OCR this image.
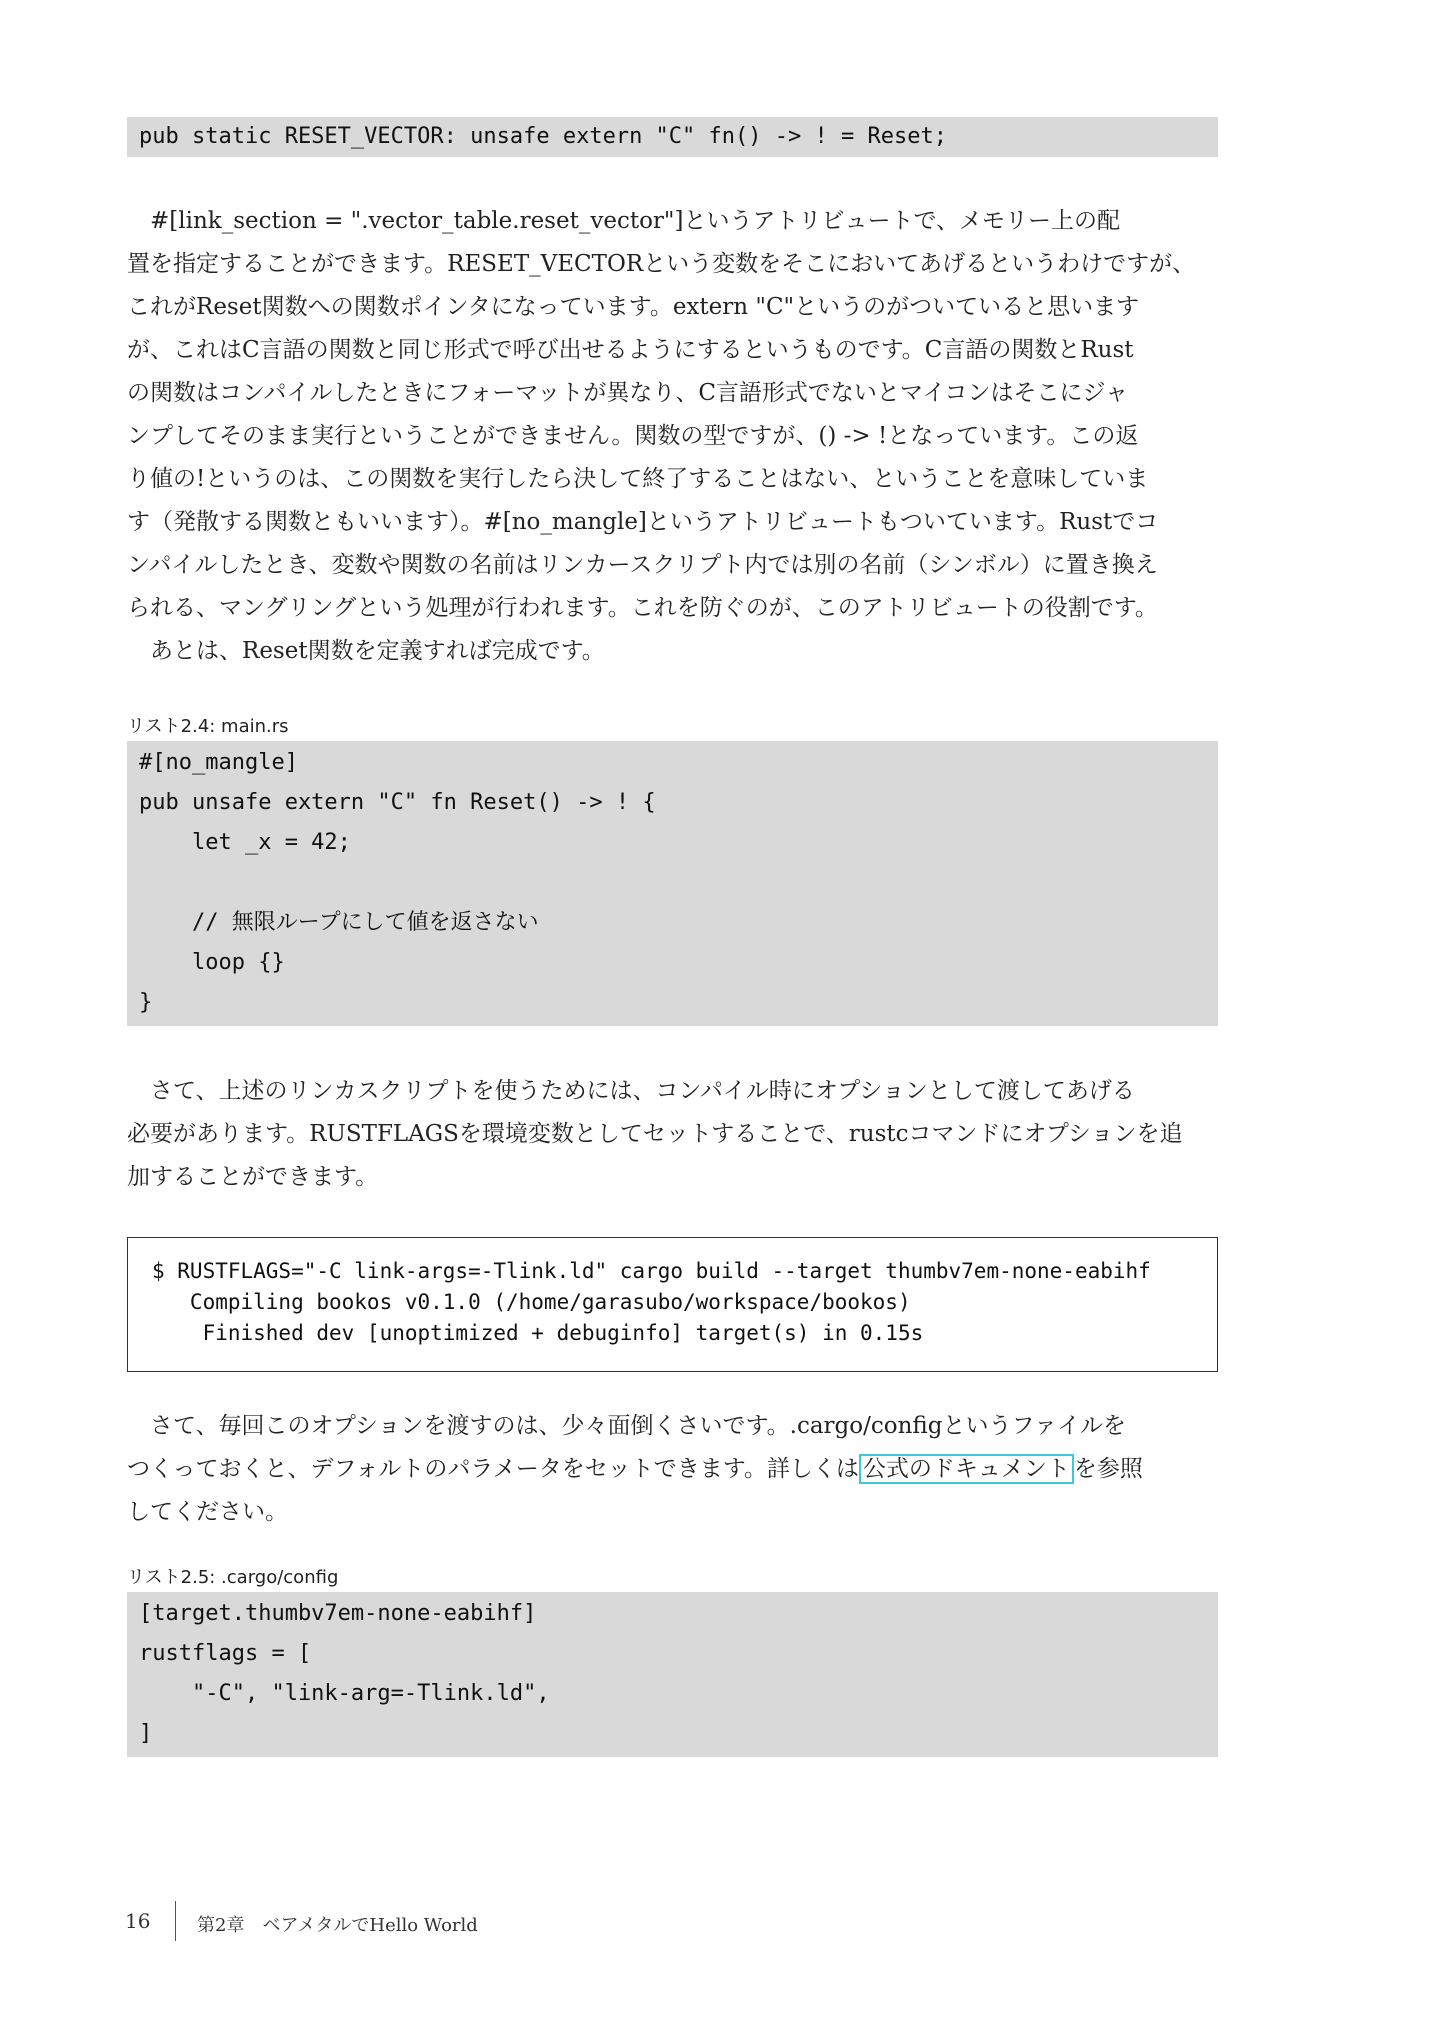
pub static RESET_VECTOR: unsafe extern "C" fn() -> ! = Reset;
#[link_section = ".vector_table.reset_vector"]というアトリビュートで、メモリー上の配
置を指定することができます。RESET_VECTORという変数をそこにおいてあげるというわけですが、
これがReset関数への関数ポインタになっています。extern "C"というのがついていると思います
が、これはC言語の関数と同じ形式で呼び出せるようにするというものです。C言語の関数とRust
の関数はコンパイルしたときにフォーマットが異なり、C言語形式でないとマイコンはそこにジャ
ンプしてそのまま実行ということができません。関数の型ですが、() -> !となっています。この返
り値の!というのは、この関数を実行したら決して終了することはない、ということを意味していま
す（発散する関数ともいいます）。#[no_mangle]というアトリビュートもついています。Rustでコ
ンパイルしたとき、変数や関数の名前はリンカースクリプト内では別の名前（シンボル）に置き換え
られる、マングリングという処理が行われます。これを防ぐのが、このアトリビュートの役割です。
あとは、Reset関数を定義すれば完成です。
リスト2.4: main.rs
#[no_mangle]
pub unsafe extern "C" fn Reset() -> ! {
let _x = 42;
// 無限ループにして値を返さない
loop {}
}
さて、上述のリンカスクリプトを使うためには、コンパイル時にオプションとして渡してあげる
必要があります。RUSTFLAGSを環境変数としてセットすることで、rustcコマンドにオプションを追
加することができます。
$ RUSTFLAGS="-C link-args=-Tlink.ld" cargo build --target thumbv7em-none-eabihf
Compiling bookos v0.1.0 (/home/garasubo/workspace/bookos)
Finished dev [unoptimized + debuginfo] target(s) in 0.15s
さて、毎回このオプションを渡すのは、少々面倒くさいです。.cargo/configというファイルを
つくっておくと、デフォルトのパラメータをセットできます。詳しくは 公式のドキュメント を参照
してください。
リスト2.5: .cargo/config
[target.thumbv7em-none-eabihf]
rustflags = [
"-C", "link-arg=-Tlink.ld",
]
16	第2章　ベアメタルでHello World
